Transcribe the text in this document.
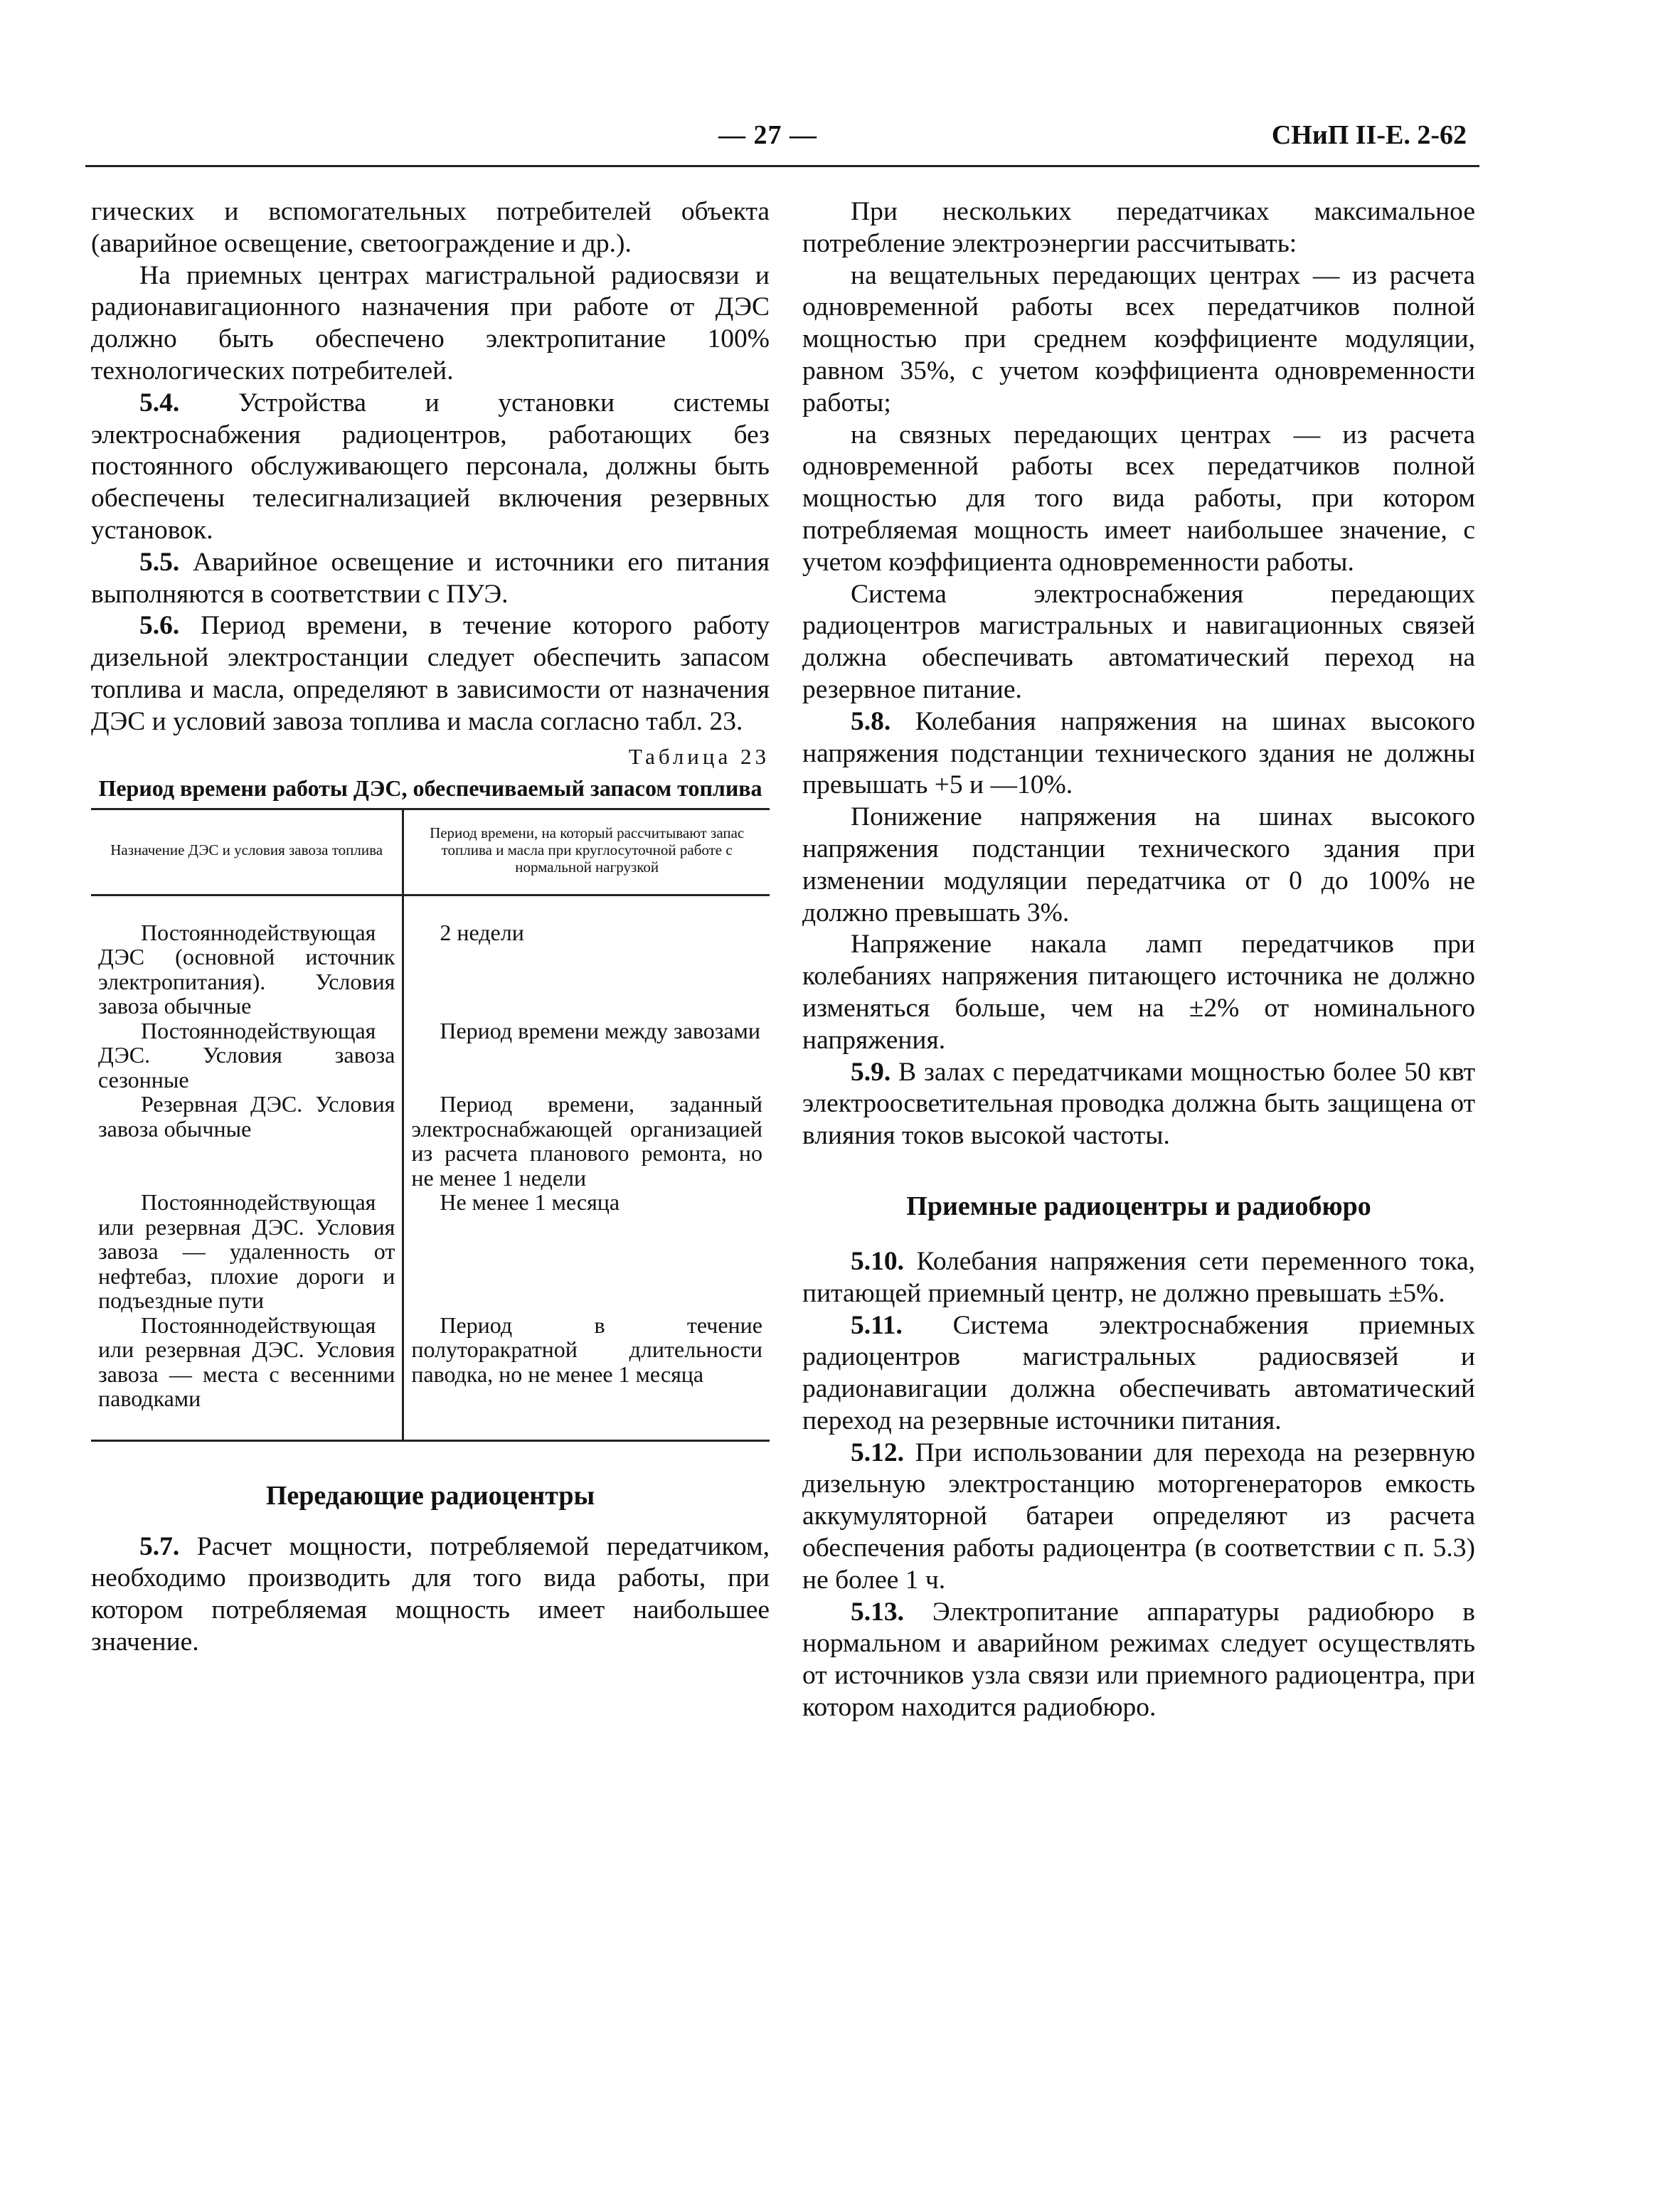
— 27 —	СНиП II-Е. 2-62

гических и вспомогательных потребителей объекта (аварийное освещение, светоограждение и др.).

На приемных центрах магистральной радиосвязи и радионавигационного назначения при работе от ДЭС должно быть обеспечено электропитание 100% технологических потребителей.

5.4. Устройства и установки системы электроснабжения радиоцентров, работающих без постоянного обслуживающего персонала, должны быть обеспечены телесигнализацией включения резервных установок.

5.5. Аварийное освещение и источники его питания выполняются в соответствии с ПУЭ.

5.6. Период времени, в течение которого работу дизельной электростанции следует обеспечить запасом топлива и масла, определяют в зависимости от назначения ДЭС и условий завоза топлива и масла согласно табл. 23.

Таблица 23
Период времени работы ДЭС, обеспечиваемый запасом топлива
Назначение ДЭС и условия завоза топлива	Период времени, на который рассчитывают запас топлива и масла при круглосуточной работе с нормальной нагрузкой
Постояннодействующая ДЭС (основной источник электропитания). Условия завоза обычные	2 недели
Постояннодействующая ДЭС. Условия завоза сезонные	Период времени между завозами
Резервная ДЭС. Условия завоза обычные	Период времени, заданный электроснабжающей организацией из расчета планового ремонта, но не менее 1 недели
Постояннодействующая или резервная ДЭС. Условия завоза — удаленность от нефтебаз, плохие дороги и подъездные пути	Не менее 1 месяца
Постояннодействующая или резервная ДЭС. Условия завоза — места с весенними паводками	Период в течение полуторакратной длительности паводка, но не менее 1 месяца
Передающие радиоцентры

5.7. Расчет мощности, потребляемой передатчиком, необходимо производить для того вида работы, при котором потребляемая мощность имеет наибольшее значение.

При нескольких передатчиках максимальное потребление электроэнергии рассчитывать:

на вещательных передающих центрах — из расчета одновременной работы всех передатчиков полной мощностью при среднем коэффициенте модуляции, равном 35%, с учетом коэффициента одновременности работы;

на связных передающих центрах — из расчета одновременной работы всех передатчиков полной мощностью для того вида работы, при котором потребляемая мощность имеет наибольшее значение, с учетом коэффициента одновременности работы.

Система электроснабжения передающих радиоцентров магистральных и навигационных связей должна обеспечивать автоматический переход на резервное питание.

5.8. Колебания напряжения на шинах высокого напряжения подстанции технического здания не должны превышать +5 и —10%.

Понижение напряжения на шинах высокого напряжения подстанции технического здания при изменении модуляции передатчика от 0 до 100% не должно превышать 3%.

Напряжение накала ламп передатчиков при колебаниях напряжения питающего источника не должно изменяться больше, чем на ±2% от номинального напряжения.

5.9. В залах с передатчиками мощностью более 50 квт электроосветительная проводка должна быть защищена от влияния токов высокой частоты.

Приемные радиоцентры и радиобюро

5.10. Колебания напряжения сети переменного тока, питающей приемный центр, не должно превышать ±5%.

5.11. Система электроснабжения приемных радиоцентров магистральных радиосвязей и радионавигации должна обеспечивать автоматический переход на резервные источники питания.

5.12. При использовании для перехода на резервную дизельную электростанцию моторгенераторов емкость аккумуляторной батареи определяют из расчета обеспечения работы радиоцентра (в соответствии с п. 5.3) не более 1 ч.

5.13. Электропитание аппаратуры радиобюро в нормальном и аварийном режимах следует осуществлять от источников узла связи или приемного радиоцентра, при котором находится радиобюро.
